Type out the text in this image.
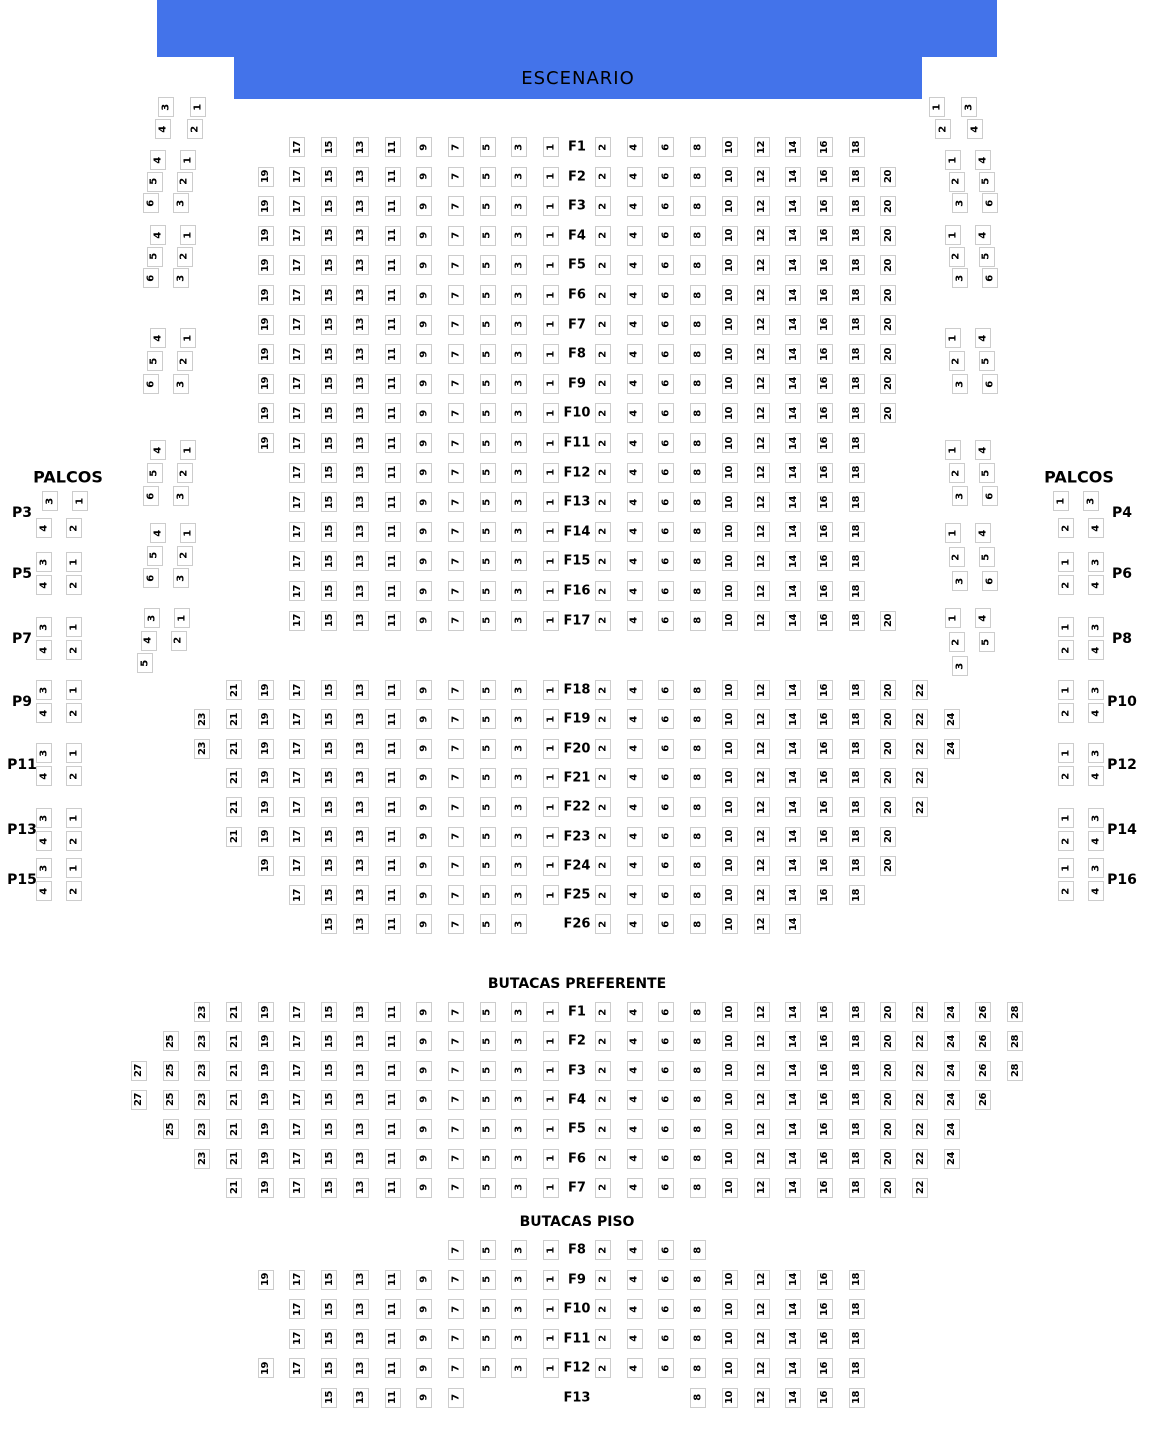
ESCENARIO
PALCOS	PALCOS
BUTACAS PREFERENTE
BUTACAS PISO
17 15 13 11 9 7 5 3 1 F1 2 4 6 8 10 12 14 16 18
19 17 15 13 11 9 7 5 3 1 F2 2 4 6 8 10 12 14 16 18 20
19 17 15 13 11 9 7 5 3 1 F3 2 4 6 8 10 12 14 16 18 20
19 17 15 13 11 9 7 5 3 1 F4 2 4 6 8 10 12 14 16 18 20
19 17 15 13 11 9 7 5 3 1 F5 2 4 6 8 10 12 14 16 18 20
19 17 15 13 11 9 7 5 3 1 F6 2 4 6 8 10 12 14 16 18 20
19 17 15 13 11 9 7 5 3 1 F7 2 4 6 8 10 12 14 16 18 20
19 17 15 13 11 9 7 5 3 1 F8 2 4 6 8 10 12 14 16 18 20
19 17 15 13 11 9 7 5 3 1 F9 2 4 6 8 10 12 14 16 18 20
19 17 15 13 11 9 7 5 3 1 F10 2 4 6 8 10 12 14 16 18 20
19 17 15 13 11 9 7 5 3 1 F11 2 4 6 8 10 12 14 16 18
17 15 13 11 9 7 5 3 1 F12 2 4 6 8 10 12 14 16 18
17 15 13 11 9 7 5 3 1 F13 2 4 6 8 10 12 14 16 18
17 15 13 11 9 7 5 3 1 F14 2 4 6 8 10 12 14 16 18
17 15 13 11 9 7 5 3 1 F15 2 4 6 8 10 12 14 16 18
17 15 13 11 9 7 5 3 1 F16 2 4 6 8 10 12 14 16 18
17 15 13 11 9 7 5 3 1 F17 2 4 6 8 10 12 14 16 18 20
21 19 17 15 13 11 9 7 5 3 1 F18 2 4 6 8 10 12 14 16 18 20 22
23 21 19 17 15 13 11 9 7 5 3 1 F19 2 4 6 8 10 12 14 16 18 20 22 24
23 21 19 17 15 13 11 9 7 5 3 1 F20 2 4 6 8 10 12 14 16 18 20 22 24
21 19 17 15 13 11 9 7 5 3 1 F21 2 4 6 8 10 12 14 16 18 20 22
21 19 17 15 13 11 9 7 5 3 1 F22 2 4 6 8 10 12 14 16 18 20 22
21 19 17 15 13 11 9 7 5 3 1 F23 2 4 6 8 10 12 14 16 18 20
19 17 15 13 11 9 7 5 3 1 F24 2 4 6 8 10 12 14 16 18 20
17 15 13 11 9 7 5 3 1 F25 2 4 6 8 10 12 14 16 18
15 13 11 9 7 5 3	F26 2 4 6 8 10 12 14
23 21 19 17 15 13 11 9 7 5 3 1 F1 2 4 6 8 10 12 14 16 18 20 22 24 26 28
25 23 21 19 17 15 13 11 9 7 5 3 1 F2 2 4 6 8 10 12 14 16 18 20 22 24 26 28
27 25 23 21 19 17 15 13 11 9 7 5 3 1 F3 2 4 6 8 10 12 14 16 18 20 22 24 26 28
27 25 23 21 19 17 15 13 11 9 7 5 3 1 F4 2 4 6 8 10 12 14 16 18 20 22 24 26
25 23 21 19 17 15 13 11 9 7 5 3 1 F5 2 4 6 8 10 12 14 16 18 20 22 24
23 21 19 17 15 13 11 9 7 5 3 1 F6 2 4 6 8 10 12 14 16 18 20 22 24
21 19 17 15 13 11 9 7 5 3 1 F7 2 4 6 8 10 12 14 16 18 20 22
7 5 3 1 F8 2 4 6 8
19 17 15 13 11 9 7 5 3 1 F9 2 4 6 8 10 12 14 16 18
17 15 13 11 9 7 5 3 1 F10 2 4 6 8 10 12 14 16 18
17 15 13 11 9 7 5 3 1 F11 2 4 6 8 10 12 14 16 18
19 17 15 13 11 9 7 5 3 1 F12 2 4 6 8 10 12 14 16 18
15 13 11 9 7	F13	8 10 12 14 16 18
3 1
4 2
4 1
5 2
6 3
4 1
5 2
6 3
4 1
5 2
6 3
4 1
5 2
6 3
4 1
5 2
6 3
3 1
4 2
5
1 3
2 4
1 4
2 5
3 6
1 4
2 5
3 6
1 4
2 5
3 6
1 4
2 5
3 6
1 4
2 5
3 6
1 4
2 5
3
3 1
4 2
P3
3 1
4 2
P5
3 1
4 2
P7
3 1
4 2
P9
3 1
4 2
P11
3 1
4 2
P13
3 1
4 2
P15
1 3
2 4
P4
1 3
2 4
P6
1 3
2 4
P8
1 3
2 4
P10
1 3
2 4
P12
1 3
2 4
P14
1 3
2 4
P16
